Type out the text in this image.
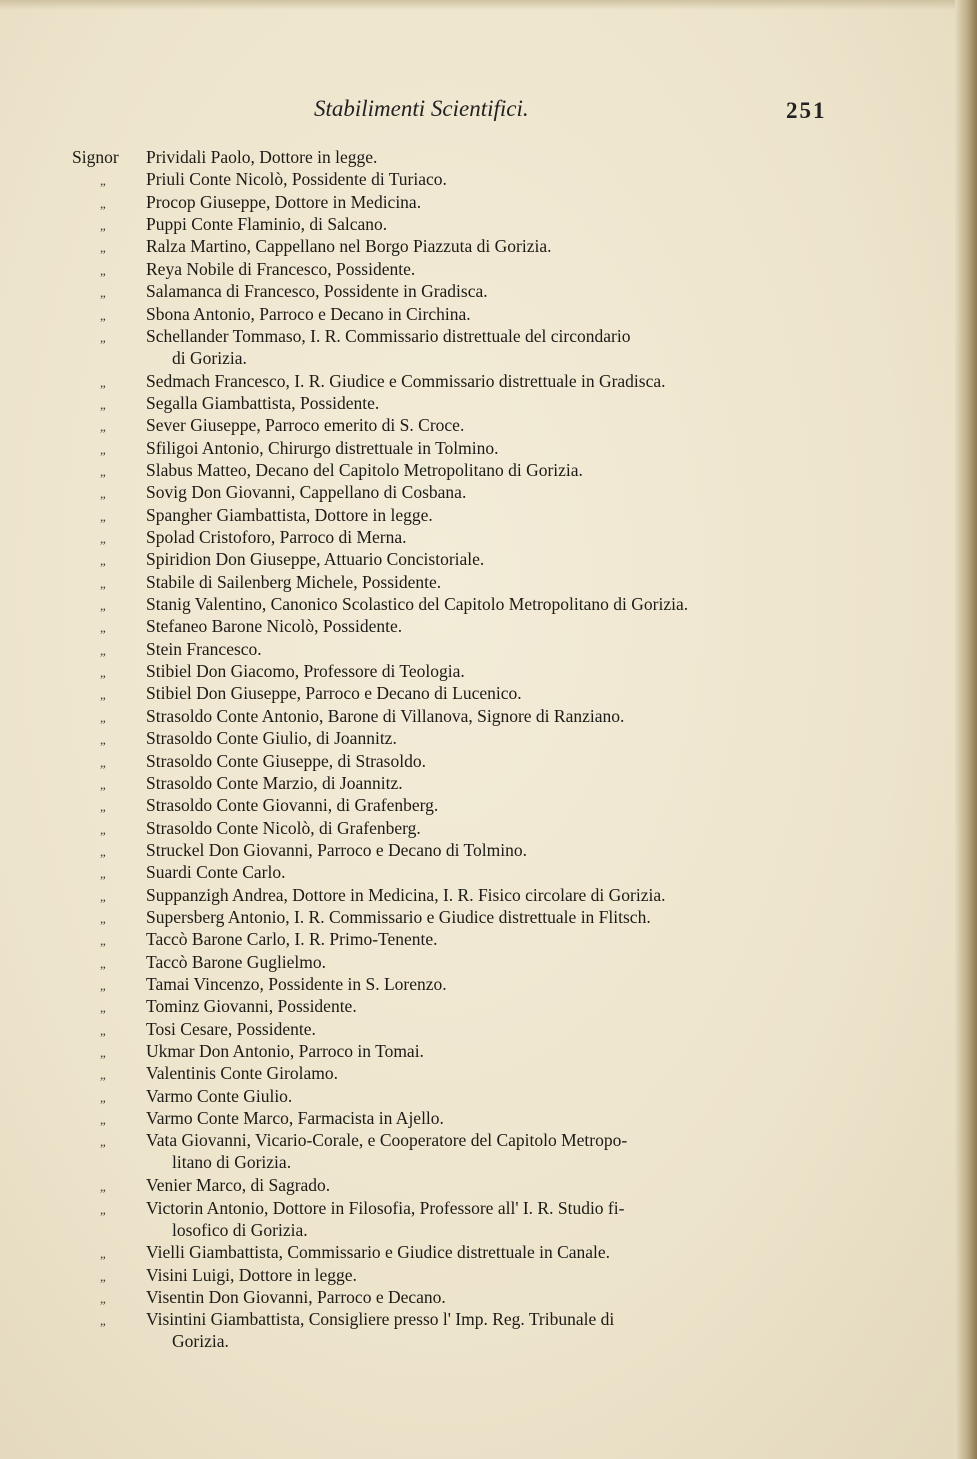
Stabilimenti Scientifici.	251
Signor	Prividali Paolo, Dottore in legge.
„ Priuli Conte Nicolò, Possidente di Turiaco.
„ Procop Giuseppe, Dottore in Medicina.
„ Puppi Conte Flaminio, di Salcano.
„ Ralza Martino, Cappellano nel Borgo Piazzuta di Gorizia.
„ Reya Nobile di Francesco, Possidente.
„ Salamanca di Francesco, Possidente in Gradisca.
„ Sbona Antonio, Parroco e Decano in Circhina.
„ Schellander Tommaso, I. R. Commissario distrettuale del circondario
di Gorizia.
„ Sedmach Francesco, I. R. Giudice e Commissario distrettuale in Gradisca.
„ Segalla Giambattista, Possidente.
„ Sever Giuseppe, Parroco emerito di S. Croce.
„ Sfiligoi Antonio, Chirurgo distrettuale in Tolmino.
„ Slabus Matteo, Decano del Capitolo Metropolitano di Gorizia.
„ Sovig Don Giovanni, Cappellano di Cosbana.
„ Spangher Giambattista, Dottore in legge.
„ Spolad Cristoforo, Parroco di Merna.
„ Spiridion Don Giuseppe, Attuario Concistoriale.
„ Stabile di Sailenberg Michele, Possidente.
„ Stanig Valentino, Canonico Scolastico del Capitolo Metropolitano di Gorizia.
„ Stefaneo Barone Nicolò, Possidente.
„ Stein Francesco.
„ Stibiel Don Giacomo, Professore di Teologia.
„ Stibiel Don Giuseppe, Parroco e Decano di Lucenico.
„ Strasoldo Conte Antonio, Barone di Villanova, Signore di Ranziano.
„ Strasoldo Conte Giulio, di Joannitz.
„ Strasoldo Conte Giuseppe, di Strasoldo.
„ Strasoldo Conte Marzio, di Joannitz.
„ Strasoldo Conte Giovanni, di Grafenberg.
„ Strasoldo Conte Nicolò, di Grafenberg.
„ Struckel Don Giovanni, Parroco e Decano di Tolmino.
„ Suardi Conte Carlo.
„ Suppanzigh Andrea, Dottore in Medicina, I. R. Fisico circolare di Gorizia.
„ Supersberg Antonio, I. R. Commissario e Giudice distrettuale in Flitsch.
„ Taccò Barone Carlo, I. R. Primo-Tenente.
„ Taccò Barone Guglielmo.
„ Tamai Vincenzo, Possidente in S. Lorenzo.
„ Tominz Giovanni, Possidente.
„ Tosi Cesare, Possidente.
„ Ukmar Don Antonio, Parroco in Tomai.
„ Valentinis Conte Girolamo.
„ Varmo Conte Giulio.
„ Varmo Conte Marco, Farmacista in Ajello.
„ Vata Giovanni, Vicario-Corale, e Cooperatore del Capitolo Metropo-
litano di Gorizia.
„ Venier Marco, di Sagrado.
„ Victorin Antonio, Dottore in Filosofia, Professore all' I. R. Studio fi-
losofico di Gorizia.
„ Vielli Giambattista, Commissario e Giudice distrettuale in Canale.
„ Visini Luigi, Dottore in legge.
„ Visentin Don Giovanni, Parroco e Decano.
„ Visintini Giambattista, Consigliere presso l' Imp. Reg. Tribunale di
Gorizia.
